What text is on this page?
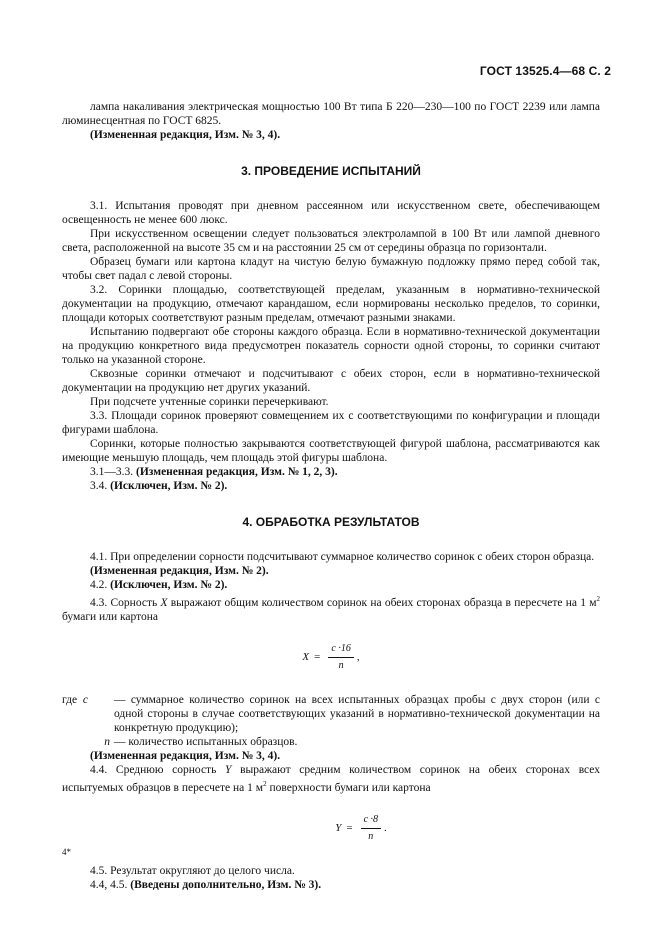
ГОСТ 13525.4—68 С. 2

лампа накаливания электрическая мощностью 100 Вт типа Б 220—230—100 по ГОСТ 2239 или лампа люминесцентная по ГОСТ 6825.

(Измененная редакция, Изм. № 3, 4).

3. ПРОВЕДЕНИЕ ИСПЫТАНИЙ

3.1. Испытания проводят при дневном рассеянном или искусственном свете, обеспечивающем освещенность не менее 600 люкс.

При искусственном освещении следует пользоваться электролампой в 100 Вт или лампой дневного света, расположенной на высоте 35 см и на расстоянии 25 см от середины образца по горизонтали.

Образец бумаги или картона кладут на чистую белую бумажную подложку прямо перед собой так, чтобы свет падал с левой стороны.

3.2. Соринки площадью, соответствующей пределам, указанным в нормативно-технической документации на продукцию, отмечают карандашом, если нормированы несколько пределов, то соринки, площади которых соответствуют разным пределам, отмечают разными знаками.

Испытанию подвергают обе стороны каждого образца. Если в нормативно-технической документации на продукцию конкретного вида предусмотрен показатель сорности одной стороны, то соринки считают только на указанной стороне.

Сквозные соринки отмечают и подсчитывают с обеих сторон, если в нормативно-технической документации на продукцию нет других указаний.

При подсчете учтенные соринки перечеркивают.

3.3. Площади соринок проверяют совмещением их с соответствующими по конфигурации и площади фигурами шаблона.

Соринки, которые полностью закрываются соответствующей фигурой шаблона, рассматриваются как имеющие меньшую площадь, чем площадь этой фигуры шаблона.

3.1—3.3. (Измененная редакция, Изм. № 1, 2, 3).

3.4. (Исключен, Изм. № 2).

4. ОБРАБОТКА РЕЗУЛЬТАТОВ

4.1. При определении сорности подсчитывают суммарное количество соринок с обеих сторон образца.

(Измененная редакция, Изм. № 2).

4.2. (Исключен, Изм. № 2).

4.3. Сорность X выражают общим количеством соринок на обеих сторонах образца в пересчете на 1 $м^2$ бумаги или картона

$X = \frac{c \cdot 16}{n}$ ,
где c	— суммарное количество соринок на всех испытанных образцах пробы с двух сторон (или с одной стороны в случае соответствующих указаний в нормативно-технической документации на конкретную продукцию);
n — количество испытанных образцов.

(Измененная редакция, Изм. № 3, 4).

4.4. Среднюю сорность Y выражают средним количеством соринок на обеих сторонах всех испытуемых образцов в пересчете на 1 $м^2$ поверхности бумаги или картона

$Y = \frac{c \cdot 8}{n}$ .

4.5. Результат округляют до целого числа.

4.4, 4.5. (Введены дополнительно, Изм. № 3).

4*
